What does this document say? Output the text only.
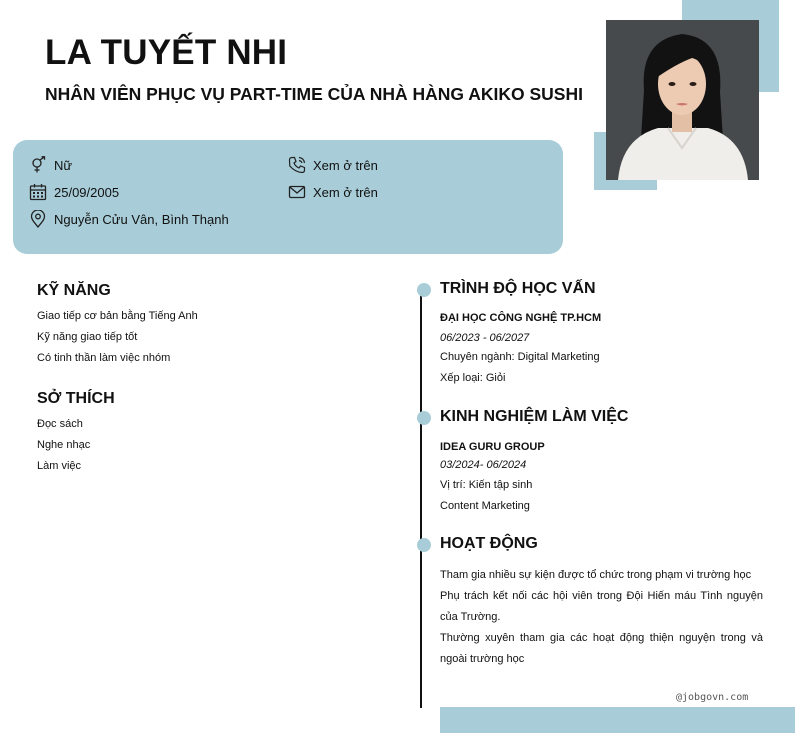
LA TUYẾT NHI
NHÂN VIÊN PHỤC VỤ PART-TIME CỦA NHÀ HÀNG AKIKO SUSHI
Nữ
25/09/2005
Nguyễn Cửu Vân, Bình Thạnh
Xem ở trên
Xem ở trên
KỸ NĂNG
Giao tiếp cơ bản bằng Tiếng Anh
Kỹ năng giao tiếp tốt
Có tinh thần làm việc nhóm
SỞ THÍCH
Đọc sách
Nghe nhạc
Làm việc
TRÌNH ĐỘ HỌC VẤN
ĐẠI HỌC CÔNG NGHỆ TP.HCM
06/2023 - 06/2027
Chuyên ngành: Digital Marketing
Xếp loại: Giỏi
KINH NGHIỆM LÀM VIỆC
IDEA GURU GROUP
03/2024- 06/2024
Vị trí: Kiến tập sinh
Content Marketing
HOẠT ĐỘNG

Tham gia nhiều sự kiện được tổ chức trong phạm vi trường học

Phụ trách kết nối các hội viên trong Đội Hiến máu Tình nguyện của Trường.

Thường xuyên tham gia các hoạt động thiện nguyện trong và ngoài trường học

@jobgovn.com
